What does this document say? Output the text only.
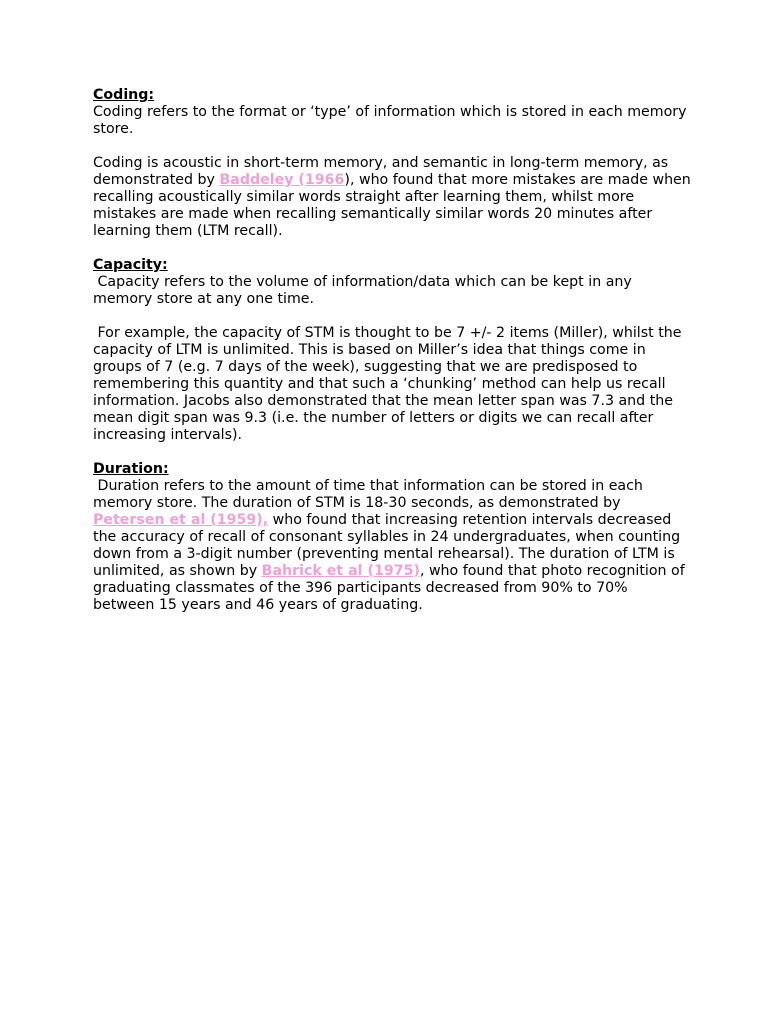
Coding:

Coding refers to the format or ‘type’ of information which is stored in each memory store.

Coding is acoustic in short-term memory, and semantic in long-term memory, as demonstrated by Baddeley (1966), who found that more mistakes are made when recalling acoustically similar words straight after learning them, whilst more mistakes are made when recalling semantically similar words 20 minutes after learning them (LTM recall).

Capacity:

Capacity refers to the volume of information/data which can be kept in any memory store at any one time.

For example, the capacity of STM is thought to be 7 +/- 2 items (Miller), whilst the capacity of LTM is unlimited. This is based on Miller’s idea that things come in groups of 7 (e.g. 7 days of the week), suggesting that we are predisposed to remembering this quantity and that such a ‘chunking’ method can help us recall information. Jacobs also demonstrated that the mean letter span was 7.3 and the mean digit span was 9.3 (i.e. the number of letters or digits we can recall after increasing intervals).

Duration:

Duration refers to the amount of time that information can be stored in each memory store. The duration of STM is 18-30 seconds, as demonstrated by Petersen et al (1959), who found that increasing retention intervals decreased the accuracy of recall of consonant syllables in 24 undergraduates, when counting down from a 3-digit number (preventing mental rehearsal). The duration of LTM is unlimited, as shown by Bahrick et al (1975), who found that photo recognition of graduating classmates of the 396 participants decreased from 90% to 70% between 15 years and 46 years of graduating.
